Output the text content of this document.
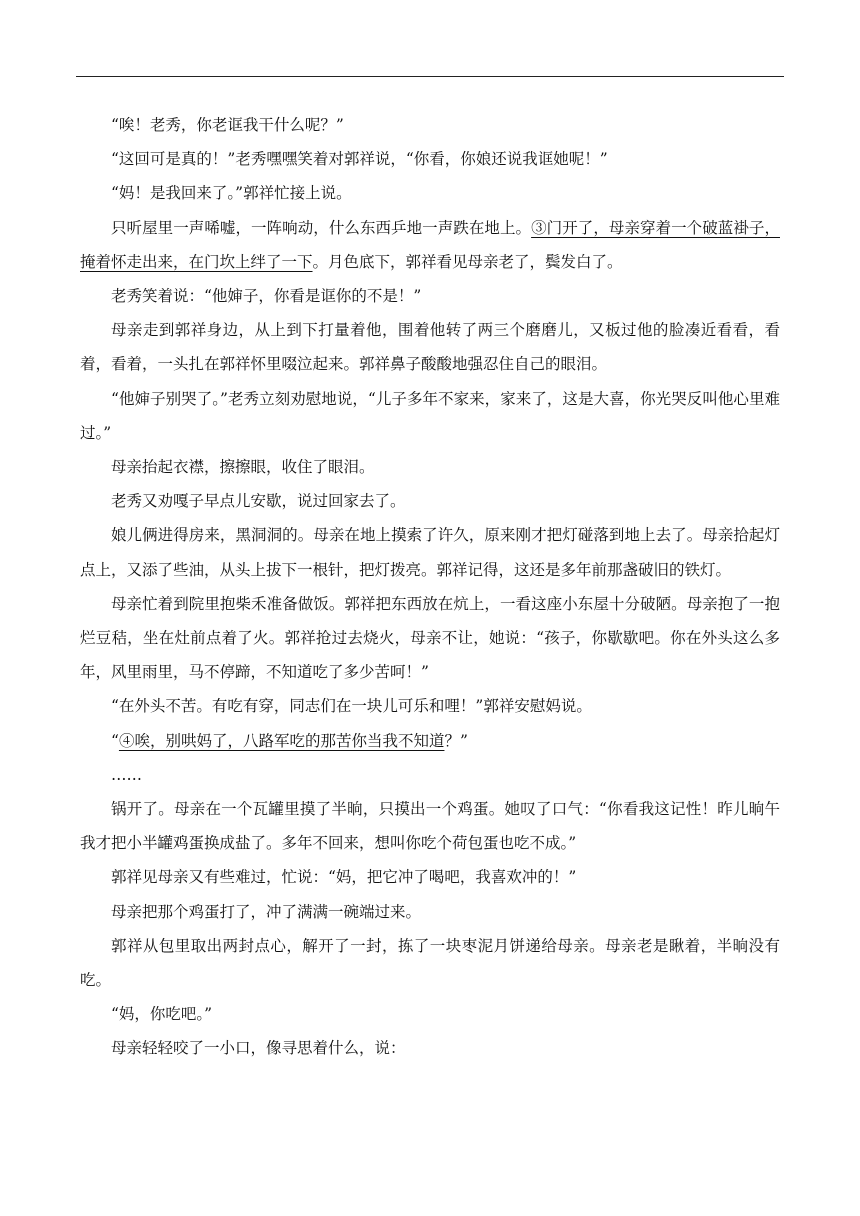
“唉！老秀，你老诓我干什么呢？”

“这回可是真的！”老秀嘿嘿笑着对郭祥说，“你看，你娘还说我诓她呢！”

“妈！是我回来了。”郭祥忙接上说。

只听屋里一声唏嘘，一阵响动，什么东西乒地一声跌在地上。③门开了，母亲穿着一个破蓝褂子，掩着怀走出来，在门坎上绊了一下。月色底下，郭祥看见母亲老了，鬓发白了。

老秀笑着说：“他婶子，你看是诓你的不是！”

母亲走到郭祥身边，从上到下打量着他，围着他转了两三个磨磨儿，又板过他的脸凑近看看，看着，看着，一头扎在郭祥怀里啜泣起来。郭祥鼻子酸酸地强忍住自己的眼泪。

“他婶子别哭了。”老秀立刻劝慰地说，“儿子多年不家来，家来了，这是大喜，你光哭反叫他心里难过。”

母亲抬起衣襟，擦擦眼，收住了眼泪。

老秀又劝嘎子早点儿安歇，说过回家去了。

娘儿俩进得房来，黑洞洞的。母亲在地上摸索了许久，原来刚才把灯碰落到地上去了。母亲拾起灯点上，又添了些油，从头上拔下一根针，把灯拨亮。郭祥记得，这还是多年前那盏破旧的铁灯。

母亲忙着到院里抱柴禾准备做饭。郭祥把东西放在炕上，一看这座小东屋十分破陋。母亲抱了一抱烂豆秸，坐在灶前点着了火。郭祥抢过去烧火，母亲不让，她说：“孩子，你歇歇吧。你在外头这么多年，风里雨里，马不停蹄，不知道吃了多少苦呵！”

“在外头不苦。有吃有穿，同志们在一块儿可乐和哩！”郭祥安慰妈说。

“④唉，别哄妈了，八路军吃的那苦你当我不知道？”

……

锅开了。母亲在一个瓦罐里摸了半晌，只摸出一个鸡蛋。她叹了口气：“你看我这记性！昨儿晌午我才把小半罐鸡蛋换成盐了。多年不回来，想叫你吃个荷包蛋也吃不成。”

郭祥见母亲又有些难过，忙说：“妈，把它冲了喝吧，我喜欢冲的！”

母亲把那个鸡蛋打了，冲了满满一碗端过来。

郭祥从包里取出两封点心，解开了一封，拣了一块枣泥月饼递给母亲。母亲老是瞅着，半晌没有吃。

“妈，你吃吧。”

母亲轻轻咬了一小口，像寻思着什么，说：
